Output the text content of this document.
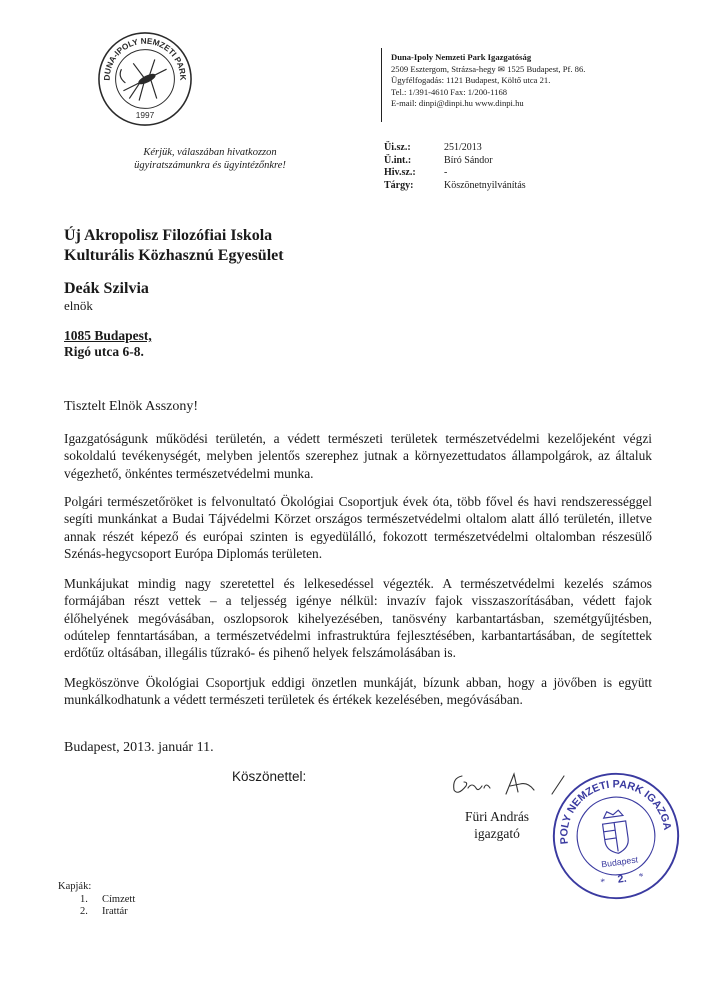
DUNA-IPOLY NEMZETI PARK
1997
Kérjük, válaszában hivatkozzon
ügyiratszámunkra és ügyintézőnkre!
Duna-Ipoly Nemzeti Park Igazgatóság
2509 Esztergom, Strázsa-hegy ✉ 1525 Budapest, Pf. 86.
Ügyfélfogadás: 1121 Budapest, Költő utca 21.
Tel.: 1/391-4610 Fax: 1/200-1168
E-mail: dinpi@dinpi.hu www.dinpi.hu
Üi.sz.:	251/2013
Ü.int.:	Bíró Sándor
Hiv.sz.:	-
Tárgy:	Köszönetnyilvánítás
Új Akropolisz Filozófiai Iskola
Kulturális Közhasznú Egyesület
Deák Szilvia
elnök
1085 Budapest,
Rigó utca 6-8.
Tisztelt Elnök Asszony!
Igazgatóságunk működési területén, a védett természeti területek természetvédelmi kezelőjeként végzi sokoldalú tevékenységét, melyben jelentős szerephez jutnak a környezettudatos állampolgárok, az általuk végezhető, önkéntes természetvédelmi munka.
Polgári természetőröket is felvonultató Ökológiai Csoportjuk évek óta, több fővel és havi rendszerességgel segíti munkánkat a Budai Tájvédelmi Körzet országos természetvédelmi oltalom alatt álló területén, illetve annak részét képező és európai szinten is egyedülálló, fokozott természetvédelmi oltalomban részesülő Szénás-hegycsoport Európa Diplomás területen.
Munkájukat mindig nagy szeretettel és lelkesedéssel végezték. A természetvédelmi kezelés számos formájában részt vettek – a teljesség igénye nélkül: invazív fajok visszaszorításában, védett fajok élőhelyének megóvásában, oszlopsorok kihelyezésében, tanösvény karbantartásban, szemétgyűjtésben, odútelep fenntartásában, a természetvédelmi infrastruktúra fejlesztésében, karbantartásában, de segítettek erdőtűz oltásában, illegális tűzrakó- és pihenő helyek felszámolásában is.
Megköszönve Ökológiai Csoportjuk eddigi önzetlen munkáját, bízunk abban, hogy a jövőben is együtt munkálkodhatunk a védett természeti területek és értékek kezelésében, megóvásában.
Budapest, 2013. január 11.
Köszönettel:
Füri András
igazgató
DUNA-IPOLY NEMZETI PARK IGAZGATÓSÁG
Budapest
2.
*	*
Kapják:
1. Címzett
2. Irattár
